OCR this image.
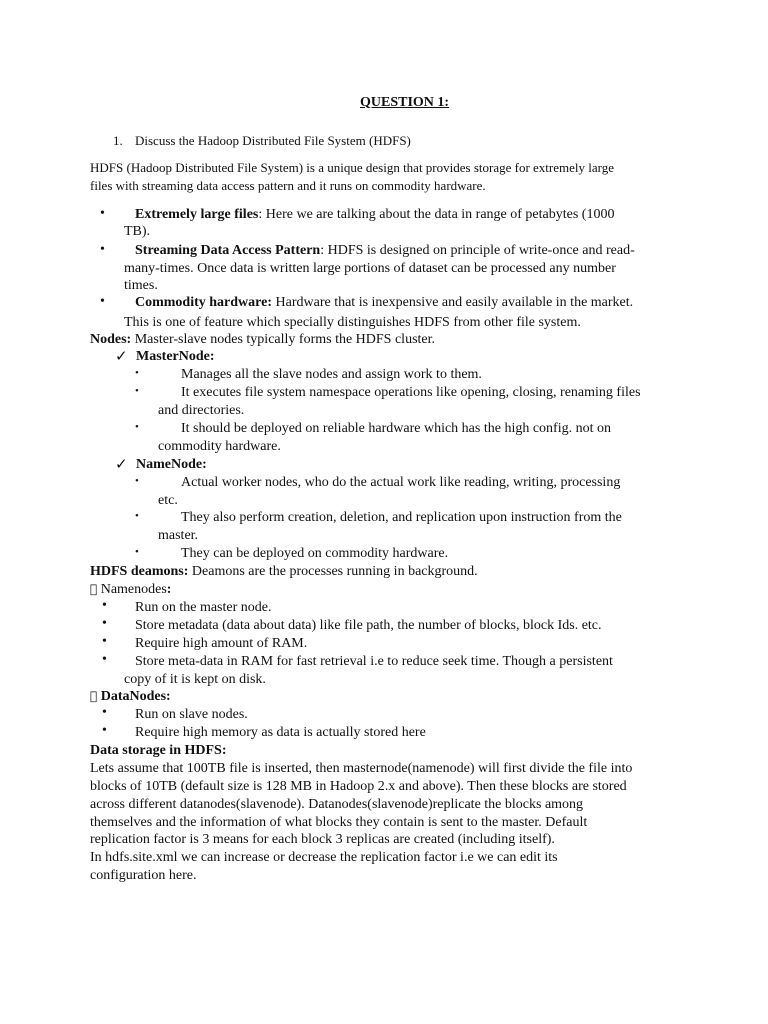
QUESTION 1:
1. Discuss the Hadoop Distributed File System (HDFS)
HDFS (Hadoop Distributed File System) is a unique design that provides storage for extremely large
files with streaming data access pattern and it runs on commodity hardware.
• Extremely large files: Here we are talking about the data in range of petabytes (1000
TB).
• Streaming Data Access Pattern: HDFS is designed on principle of write-once and read-
many-times. Once data is written large portions of dataset can be processed any number
times.
• Commodity hardware: Hardware that is inexpensive and easily available in the market.
This is one of feature which specially distinguishes HDFS from other file system.
Nodes: Master-slave nodes typically forms the HDFS cluster.
✓ MasterNode:
•	Manages all the slave nodes and assign work to them.
•	It executes file system namespace operations like opening, closing, renaming files
and directories.
•	It should be deployed on reliable hardware which has the high config. not on
commodity hardware.
✓ NameNode:
•	Actual worker nodes, who do the actual work like reading, writing, processing
etc.
•	They also perform creation, deletion, and replication upon instruction from the
master.
•	They can be deployed on commodity hardware.
HDFS deamons: Deamons are the processes running in background.
Namenodes:
• Run on the master node.
• Store metadata (data about data) like file path, the number of blocks, block Ids. etc.
• Require high amount of RAM.
• Store meta-data in RAM for fast retrieval i.e to reduce seek time. Though a persistent
copy of it is kept on disk.
DataNodes:
• Run on slave nodes.
• Require high memory as data is actually stored here
Data storage in HDFS:
Lets assume that 100TB file is inserted, then masternode(namenode) will first divide the file into
blocks of 10TB (default size is 128 MB in Hadoop 2.x and above). Then these blocks are stored
across different datanodes(slavenode). Datanodes(slavenode)replicate the blocks among
themselves and the information of what blocks they contain is sent to the master. Default
replication factor is 3 means for each block 3 replicas are created (including itself).
In hdfs.site.xml we can increase or decrease the replication factor i.e we can edit its
configuration here.
